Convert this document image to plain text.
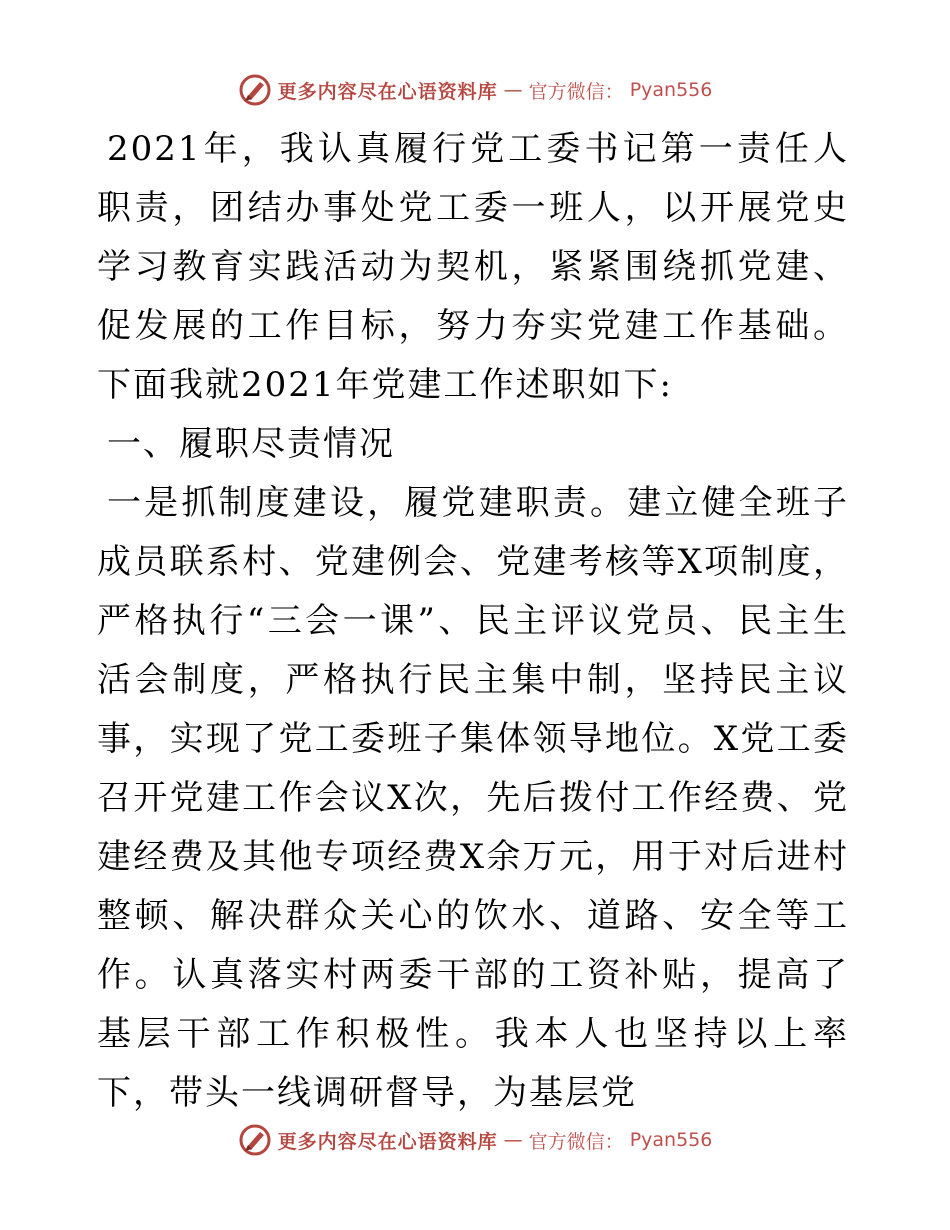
更多内容尽在心语资料库 — 官方微信： Pyan556

2021年，我认真履行党工委书记第一责任人职责，团结办事处党工委一班人，以开展党史学习教育实践活动为契机，紧紧围绕抓党建、促发展的工作目标，努力夯实党建工作基础。下面我就2021年党建工作述职如下:

一、履职尽责情况

一是抓制度建设，履党建职责。建立健全班子成员联系村、党建例会、党建考核等X项制度，严格执行“三会一课”、民主评议党员、民主生活会制度，严格执行民主集中制，坚持民主议事，实现了党工委班子集体领导地位。X党工委召开党建工作会议X次，先后拨付工作经费、党建经费及其他专项经费X余万元，用于对后进村整顿、解决群众关心的饮水、道路、安全等工作。认真落实村两委干部的工资补贴，提高了基层干部工作积极性。我本人也坚持以上率下，带头一线调研督导，为基层党

更多内容尽在心语资料库 — 官方微信： Pyan556
